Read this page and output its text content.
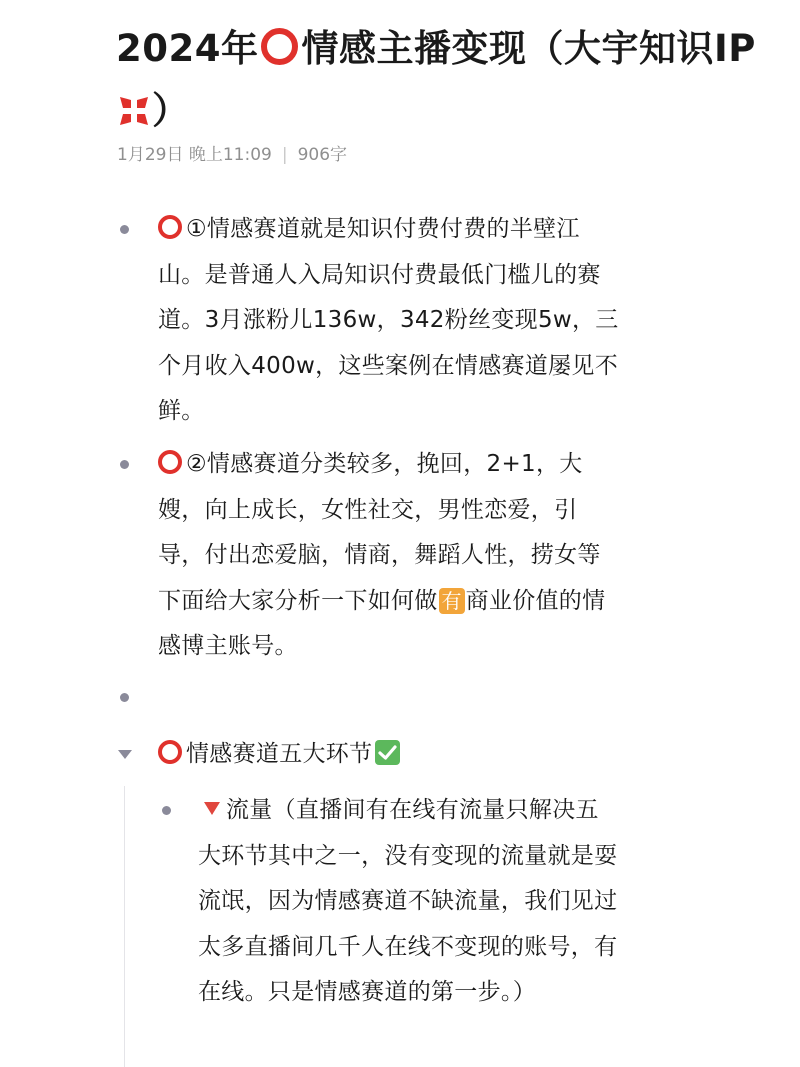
2024年 情感主播变现（大宇知识IP）
1月29日 晚上11:09 | 906字

①情感赛道就是知识付费付费的半壁江山。是普通人入局知识付费最低门槛儿的赛道。3月涨粉儿136w，342粉丝变现5w，三个月收入400w，这些案例在情感赛道屡见不鲜。

②情感赛道分类较多，挽回，2+1，大嫂，向上成长，女性社交，男性恋爱，引导，付出恋爱脑，情商，舞蹈人性，捞女等下面给大家分析一下如何做 有 商业价值的情感博主账号。

情感赛道五大环节

流量（直播间有在线有流量只解决五大环节其中之一，没有变现的流量就是耍流氓，因为情感赛道不缺流量，我们见过太多直播间几千人在线不变现的账号，有在线。只是情感赛道的第一步。）
